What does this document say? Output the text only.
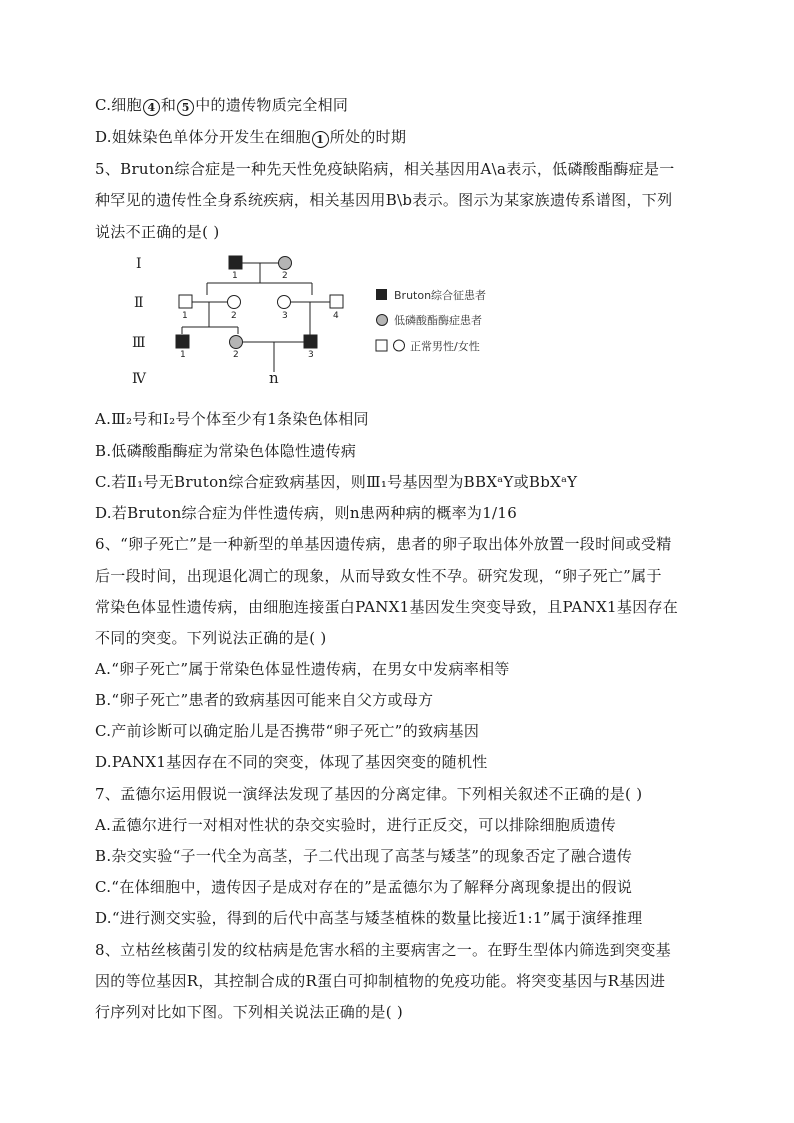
C.细胞 4 和 5 中的遗传物质完全相同
D.姐妹染色单体分开发生在细胞 1 所处的时期
5、Bruton综合症是一种先天性免疫缺陷病，相关基因用A\a表示，低磷酸酯酶症是一
种罕见的遗传性全身系统疾病，相关基因用B\b表示。图示为某家族遗传系谱图，下列
说法不正确的是( )
Ⅰ
Ⅱ
Ⅲ
Ⅳ
1	2
1	2	3	4
1	2	3
n
Bruton综合征患者
低磷酸酯酶症患者
正常男性/女性
A.Ⅲ₂号和Ⅰ₂号个体至少有1条染色体相同
B.低磷酸酯酶症为常染色体隐性遗传病
C.若Ⅱ₁号无Bruton综合症致病基因，则Ⅲ₁号基因型为BBXᵃY或BbXᵃY
D.若Bruton综合症为伴性遗传病，则n患两种病的概率为1/16
6、“卵子死亡”是一种新型的单基因遗传病，患者的卵子取出体外放置一段时间或受精
后一段时间，出现退化凋亡的现象，从而导致女性不孕。研究发现，“卵子死亡”属于
常染色体显性遗传病，由细胞连接蛋白PANX1基因发生突变导致，且PANX1基因存在
不同的突变。下列说法正确的是( )
A.“卵子死亡”属于常染色体显性遗传病，在男女中发病率相等
B.“卵子死亡”患者的致病基因可能来自父方或母方
C.产前诊断可以确定胎儿是否携带“卵子死亡”的致病基因
D.PANX1基因存在不同的突变，体现了基因突变的随机性
7、孟德尔运用假说一演绎法发现了基因的分离定律。下列相关叙述不正确的是( )
A.孟德尔进行一对相对性状的杂交实验时，进行正反交，可以排除细胞质遗传
B.杂交实验“子一代全为高茎，子二代出现了高茎与矮茎”的现象否定了融合遗传
C.“在体细胞中，遗传因子是成对存在的”是孟德尔为了解释分离现象提出的假说
D.“进行测交实验，得到的后代中高茎与矮茎植株的数量比接近1:1”属于演绎推理
8、立枯丝核菌引发的纹枯病是危害水稻的主要病害之一。在野生型体内筛选到突变基
因的等位基因R，其控制合成的R蛋白可抑制植物的免疫功能。将突变基因与R基因进
行序列对比如下图。下列相关说法正确的是( )
